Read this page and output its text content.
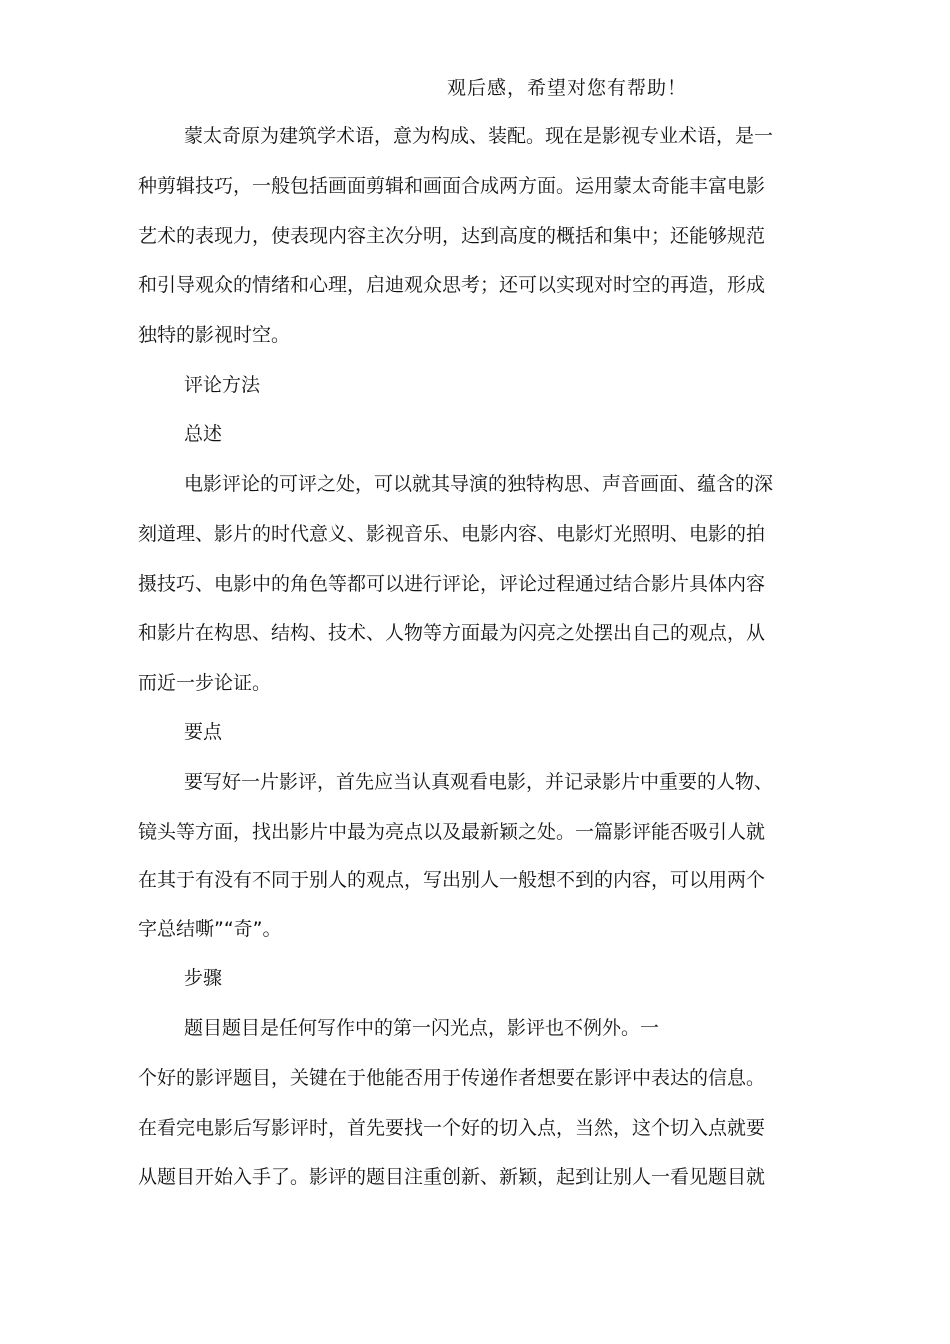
观后感，希望对您有帮助！
蒙太奇原为建筑学术语，意为构成、装配。现在是影视专业术语，是一
种剪辑技巧，一般包括画面剪辑和画面合成两方面。运用蒙太奇能丰富电影
艺术的表现力，使表现内容主次分明，达到高度的概括和集中；还能够规范
和引导观众的情绪和心理，启迪观众思考；还可以实现对时空的再造，形成
独特的影视时空。
评论方法
总述
电影评论的可评之处，可以就其导演的独特构思、声音画面、蕴含的深
刻道理、影片的时代意义、影视音乐、电影内容、电影灯光照明、电影的拍
摄技巧、电影中的角色等都可以进行评论，评论过程通过结合影片具体内容
和影片在构思、结构、技术、人物等方面最为闪亮之处摆出自己的观点，从
而近一步论证。
要点
要写好一片影评，首先应当认真观看电影，并记录影片中重要的人物、
镜头等方面，找出影片中最为亮点以及最新颖之处。一篇影评能否吸引人就
在其于有没有不同于别人的观点，写出别人一般想不到的内容，可以用两个
字总结嘶”“奇”。
步骤
题目题目是任何写作中的第一闪光点，影评也不例外。一
个好的影评题目，关键在于他能否用于传递作者想要在影评中表达的信息。
在看完电影后写影评时，首先要找一个好的切入点，当然，这个切入点就要
从题目开始入手了。影评的题目注重创新、新颖，起到让别人一看见题目就
